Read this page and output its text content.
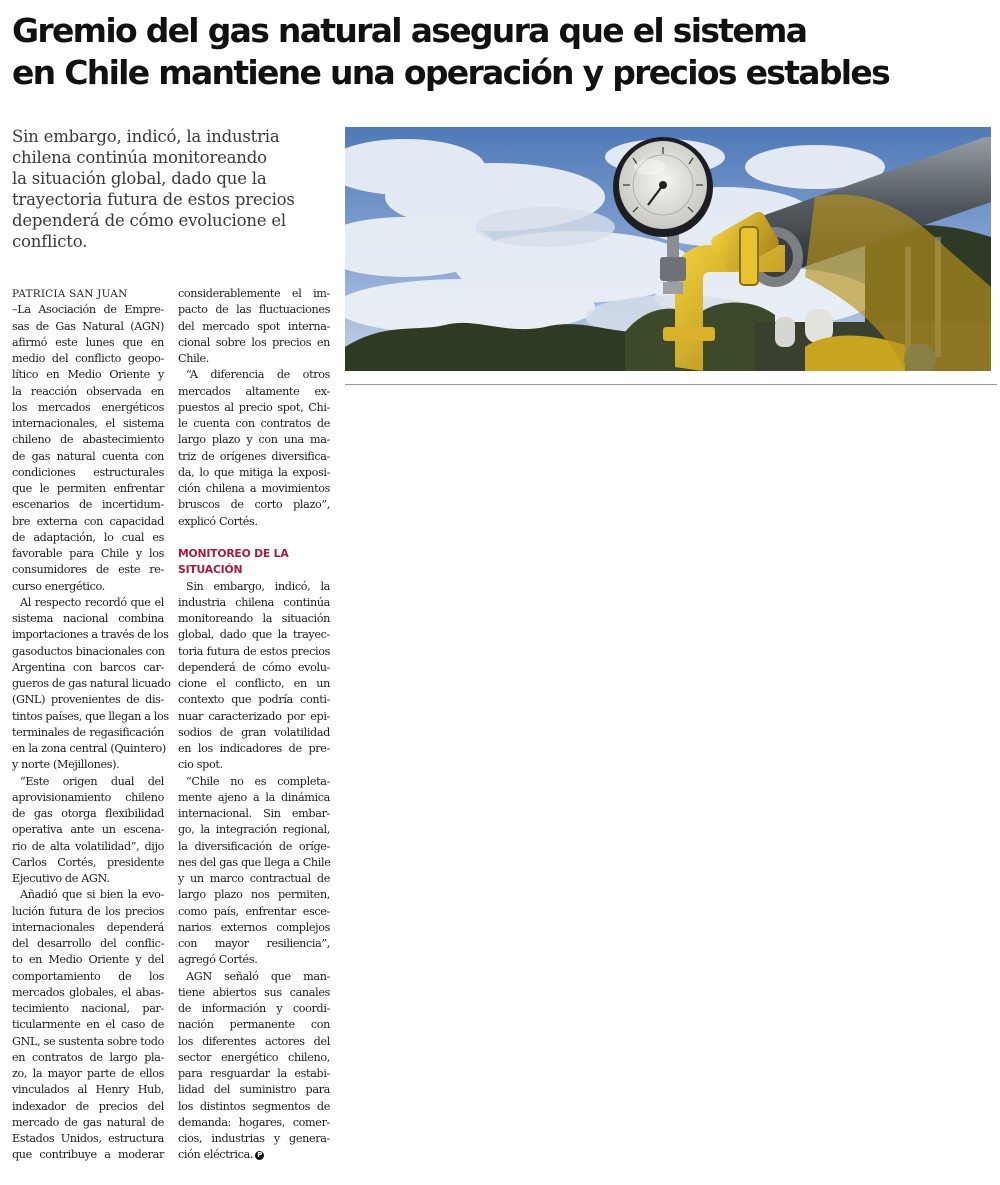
Gremio del gas natural asegura que el sistema
en Chile mantiene una operación y precios estables

Sin embargo, indicó, la industria
chilena continúa monitoreando
la situación global, dado que la
trayectoria futura de estos precios
dependerá de cómo evolucione el
conflicto.

PATRICIA SAN JUAN
–La Asociación de Empre-
sas de Gas Natural (AGN)
afirmó este lunes que en
medio del conflicto geopo-
lítico en Medio Oriente y
la reacción observada en
los mercados energéticos
internacionales, el sistema
chileno de abastecimiento
de gas natural cuenta con
condiciones estructurales
que le permiten enfrentar
escenarios de incertidum-
bre externa con capacidad
de adaptación, lo cual es
favorable para Chile y los
consumidores de este re-
curso energético.
Al respecto recordó que el
sistema nacional combina
importaciones a través de los
gasoductos binacionales con
Argentina con barcos car-
gueros de gas natural licuado
(GNL) provenientes de dis-
tintos países, que llegan a los
terminales de regasificación
en la zona central (Quintero)
y norte (Mejillones).
“Este origen dual del
aprovisionamiento chileno
de gas otorga flexibilidad
operativa ante un escena-
rio de alta volatilidad”, dijo
Carlos Cortés, presidente
Ejecutivo de AGN.
Añadió que si bien la evo-
lución futura de los precios
internacionales dependerá
del desarrollo del conflic-
to en Medio Oriente y del
comportamiento de los
mercados globales, el abas-
tecimiento nacional, par-
ticularmente en el caso de
GNL, se sustenta sobre todo
en contratos de largo pla-
zo, la mayor parte de ellos
vinculados al Henry Hub,
indexador de precios del
mercado de gas natural de
Estados Unidos, estructura
que contribuye a moderar
considerablemente el im-
pacto de las fluctuaciones
del mercado spot interna-
cional sobre los precios en
Chile.
“A diferencia de otros
mercados altamente ex-
puestos al precio spot, Chi-
le cuenta con contratos de
largo plazo y con una ma-
triz de orígenes diversifica-
da, lo que mitiga la exposi-
ción chilena a movimientos
bruscos de corto plazo”,
explicó Cortés.
MONITOREO DE LA
SITUACIÓN
Sin embargo, indicó, la
industria chilena continúa
monitoreando la situación
global, dado que la trayec-
toria futura de estos precios
dependerá de cómo evolu-
cione el conflicto, en un
contexto que podría conti-
nuar caracterizado por epi-
sodios de gran volatilidad
en los indicadores de pre-
cio spot.
“Chile no es completa-
mente ajeno a la dinámica
internacional. Sin embar-
go, la integración regional,
la diversificación de oríge-
nes del gas que llega a Chile
y un marco contractual de
largo plazo nos permiten,
como país, enfrentar esce-
narios externos complejos
con mayor resiliencia”,
agregó Cortés.
AGN señaló que man-
tiene abiertos sus canales
de información y coordi-
nación permanente con
los diferentes actores del
sector energético chileno,
para resguardar la estabi-
lidad del suministro para
los distintos segmentos de
demanda: hogares, comer-
cios, industrias y genera-
ción eléctrica. P
